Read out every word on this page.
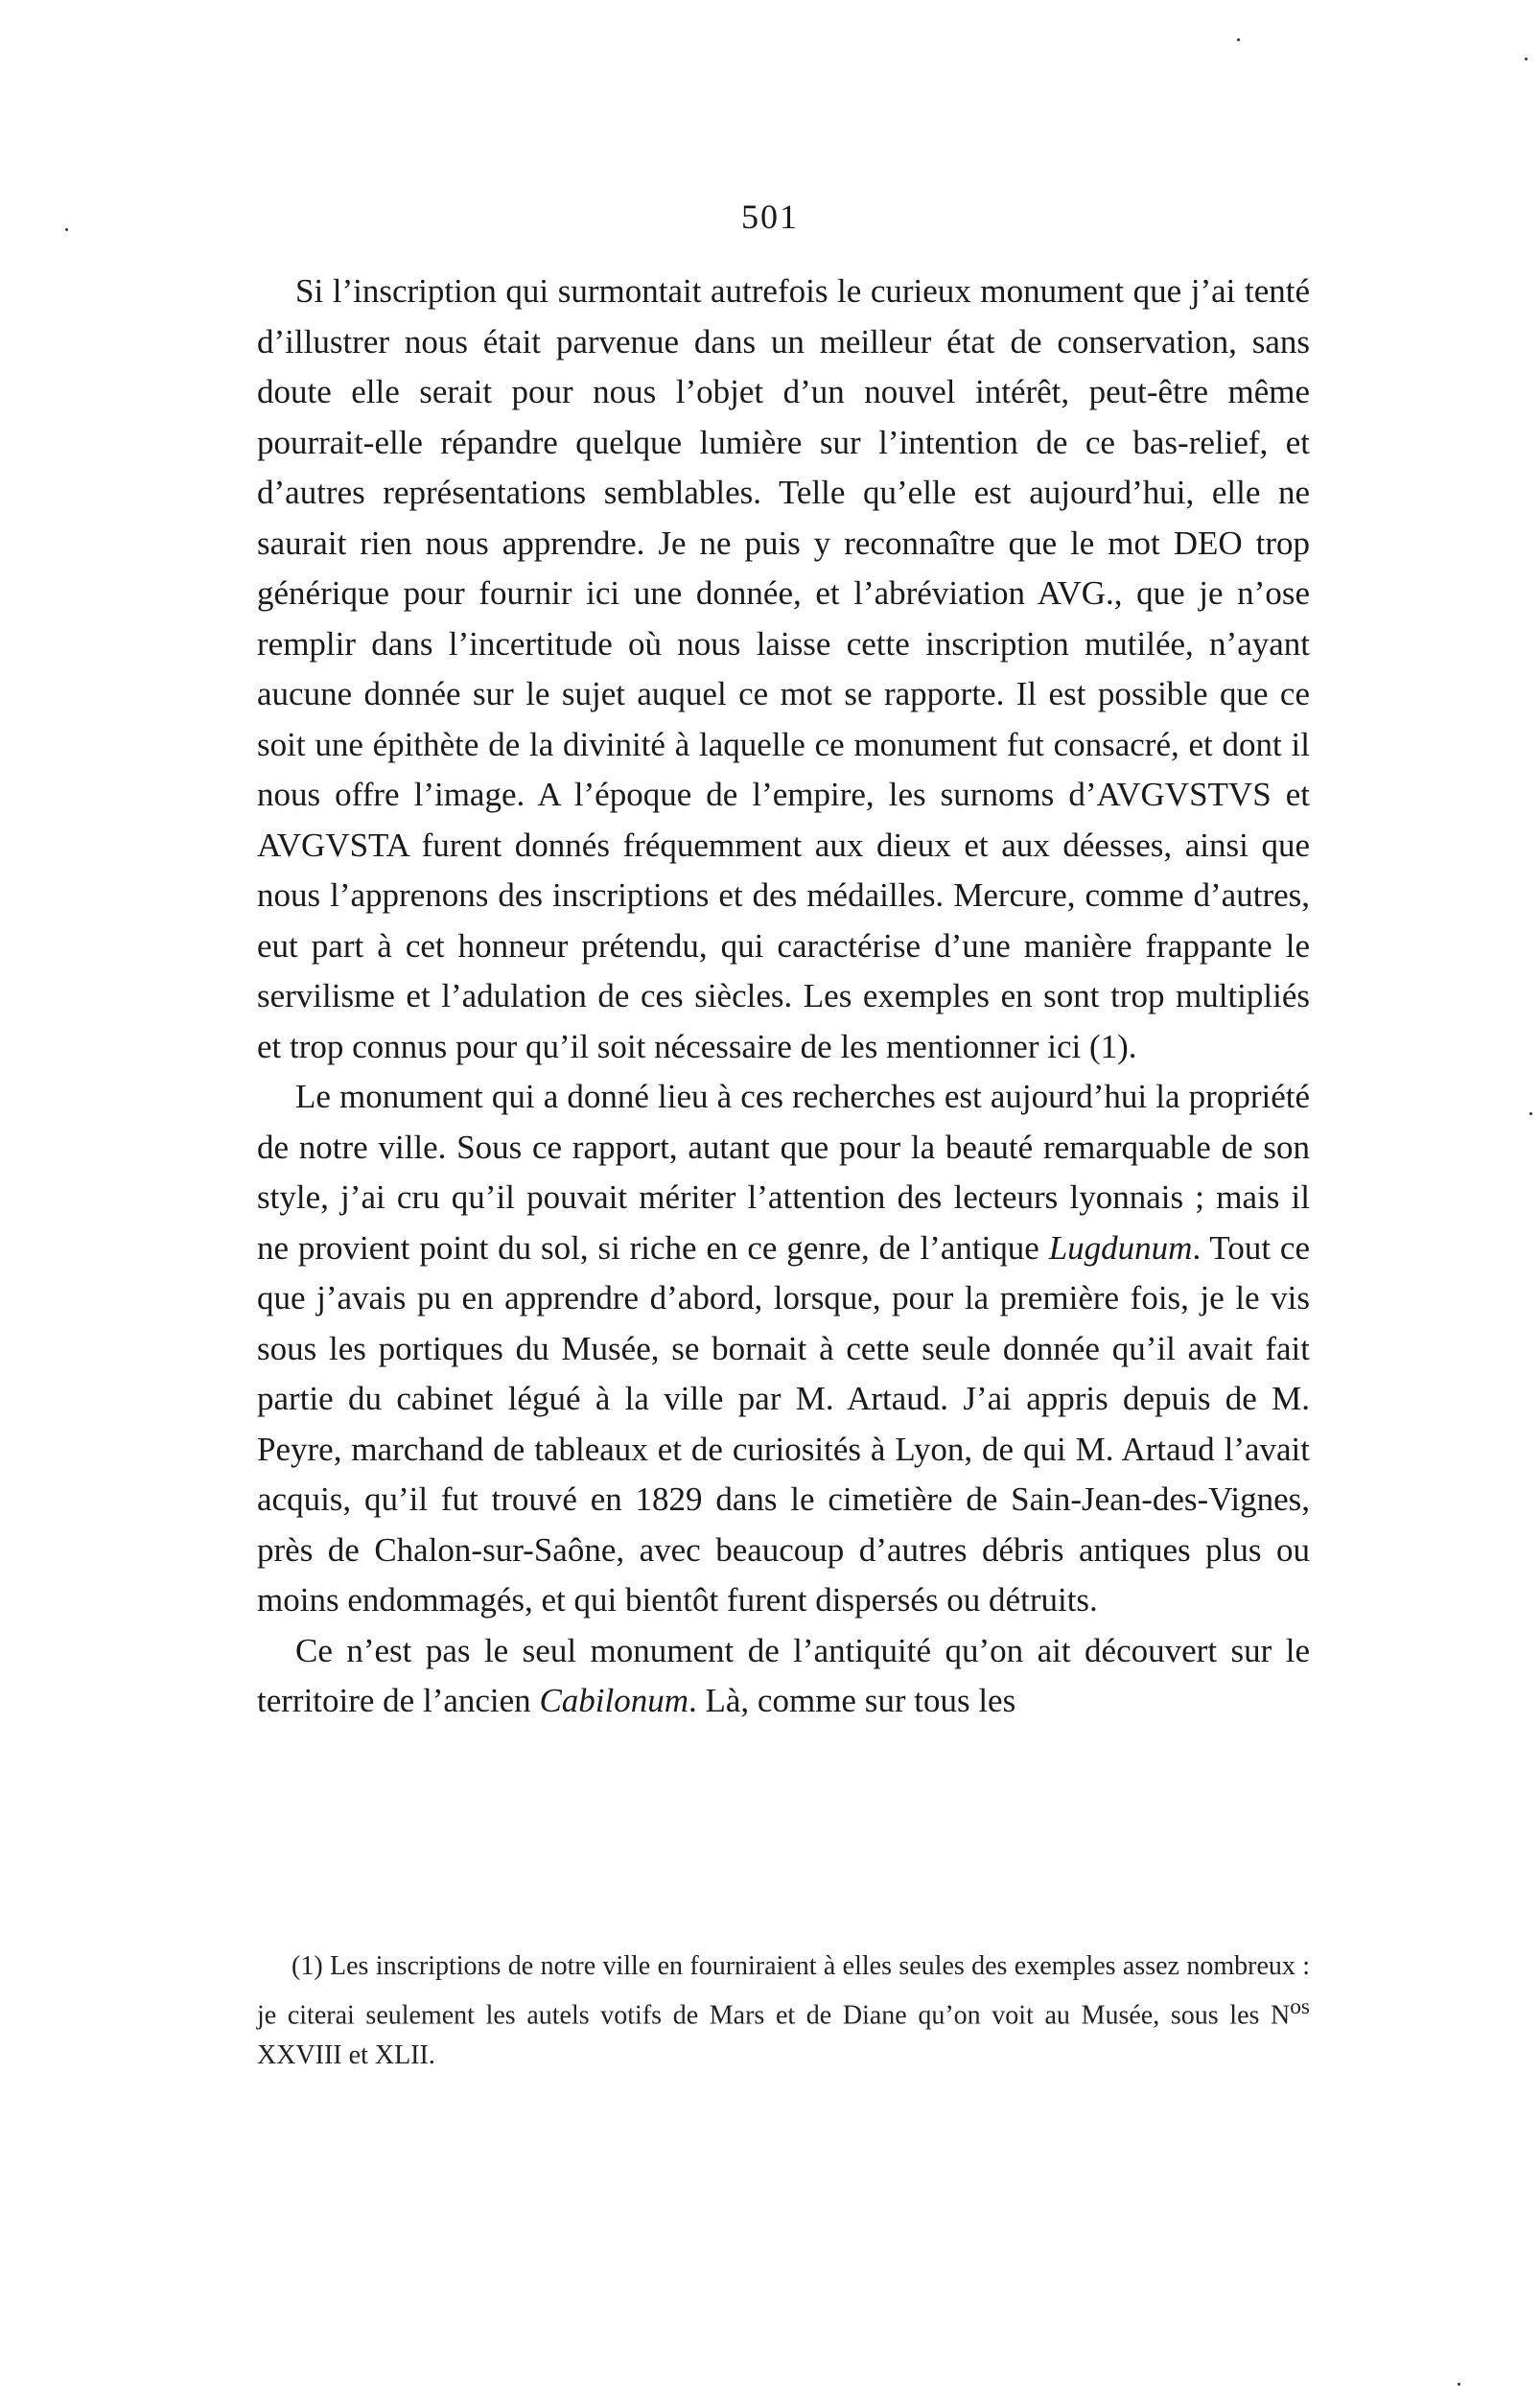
501

Si l’inscription qui surmontait autrefois le curieux monument que j’ai tenté d’illustrer nous était parvenue dans un meilleur état de conservation, sans doute elle serait pour nous l’objet d’un nouvel intérêt, peut-être même pourrait-elle répandre quelque lumière sur l’intention de ce bas-relief, et d’autres représentations semblables. Telle qu’elle est aujourd’hui, elle ne saurait rien nous apprendre. Je ne puis y reconnaître que le mot DEO trop générique pour fournir ici une donnée, et l’abréviation AVG., que je n’ose remplir dans l’incertitude où nous laisse cette inscription mutilée, n’ayant aucune donnée sur le sujet auquel ce mot se rapporte. Il est possible que ce soit une épithète de la divinité à laquelle ce monument fut consacré, et dont il nous offre l’image. A l’époque de l’empire, les surnoms d’AVGVSTVS et AVGVSTA furent donnés fréquemment aux dieux et aux déesses, ainsi que nous l’apprenons des inscriptions et des médailles. Mercure, comme d’autres, eut part à cet honneur prétendu, qui caractérise d’une manière frappante le servilisme et l’adulation de ces siècles. Les exemples en sont trop multipliés et trop connus pour qu’il soit nécessaire de les mentionner ici (1).

Le monument qui a donné lieu à ces recherches est aujourd’hui la propriété de notre ville. Sous ce rapport, autant que pour la beauté remarquable de son style, j’ai cru qu’il pouvait mériter l’attention des lecteurs lyonnais ; mais il ne provient point du sol, si riche en ce genre, de l’antique Lugdunum. Tout ce que j’avais pu en apprendre d’abord, lorsque, pour la première fois, je le vis sous les portiques du Musée, se bornait à cette seule donnée qu’il avait fait partie du cabinet légué à la ville par M. Artaud. J’ai appris depuis de M. Peyre, marchand de tableaux et de curiosités à Lyon, de qui M. Artaud l’avait acquis, qu’il fut trouvé en 1829 dans le cimetière de Sain-Jean-des-Vignes, près de Chalon-sur-Saône, avec beaucoup d’autres débris antiques plus ou moins endommagés, et qui bientôt furent dispersés ou détruits.

Ce n’est pas le seul monument de l’antiquité qu’on ait découvert sur le territoire de l’ancien Cabilonum. Là, comme sur tous les

(1) Les inscriptions de notre ville en fourniraient à elles seules des exemples assez nombreux : je citerai seulement les autels votifs de Mars et de Diane qu’on voit au Musée, sous les $N^{os}$ XXVIII et XLII.
